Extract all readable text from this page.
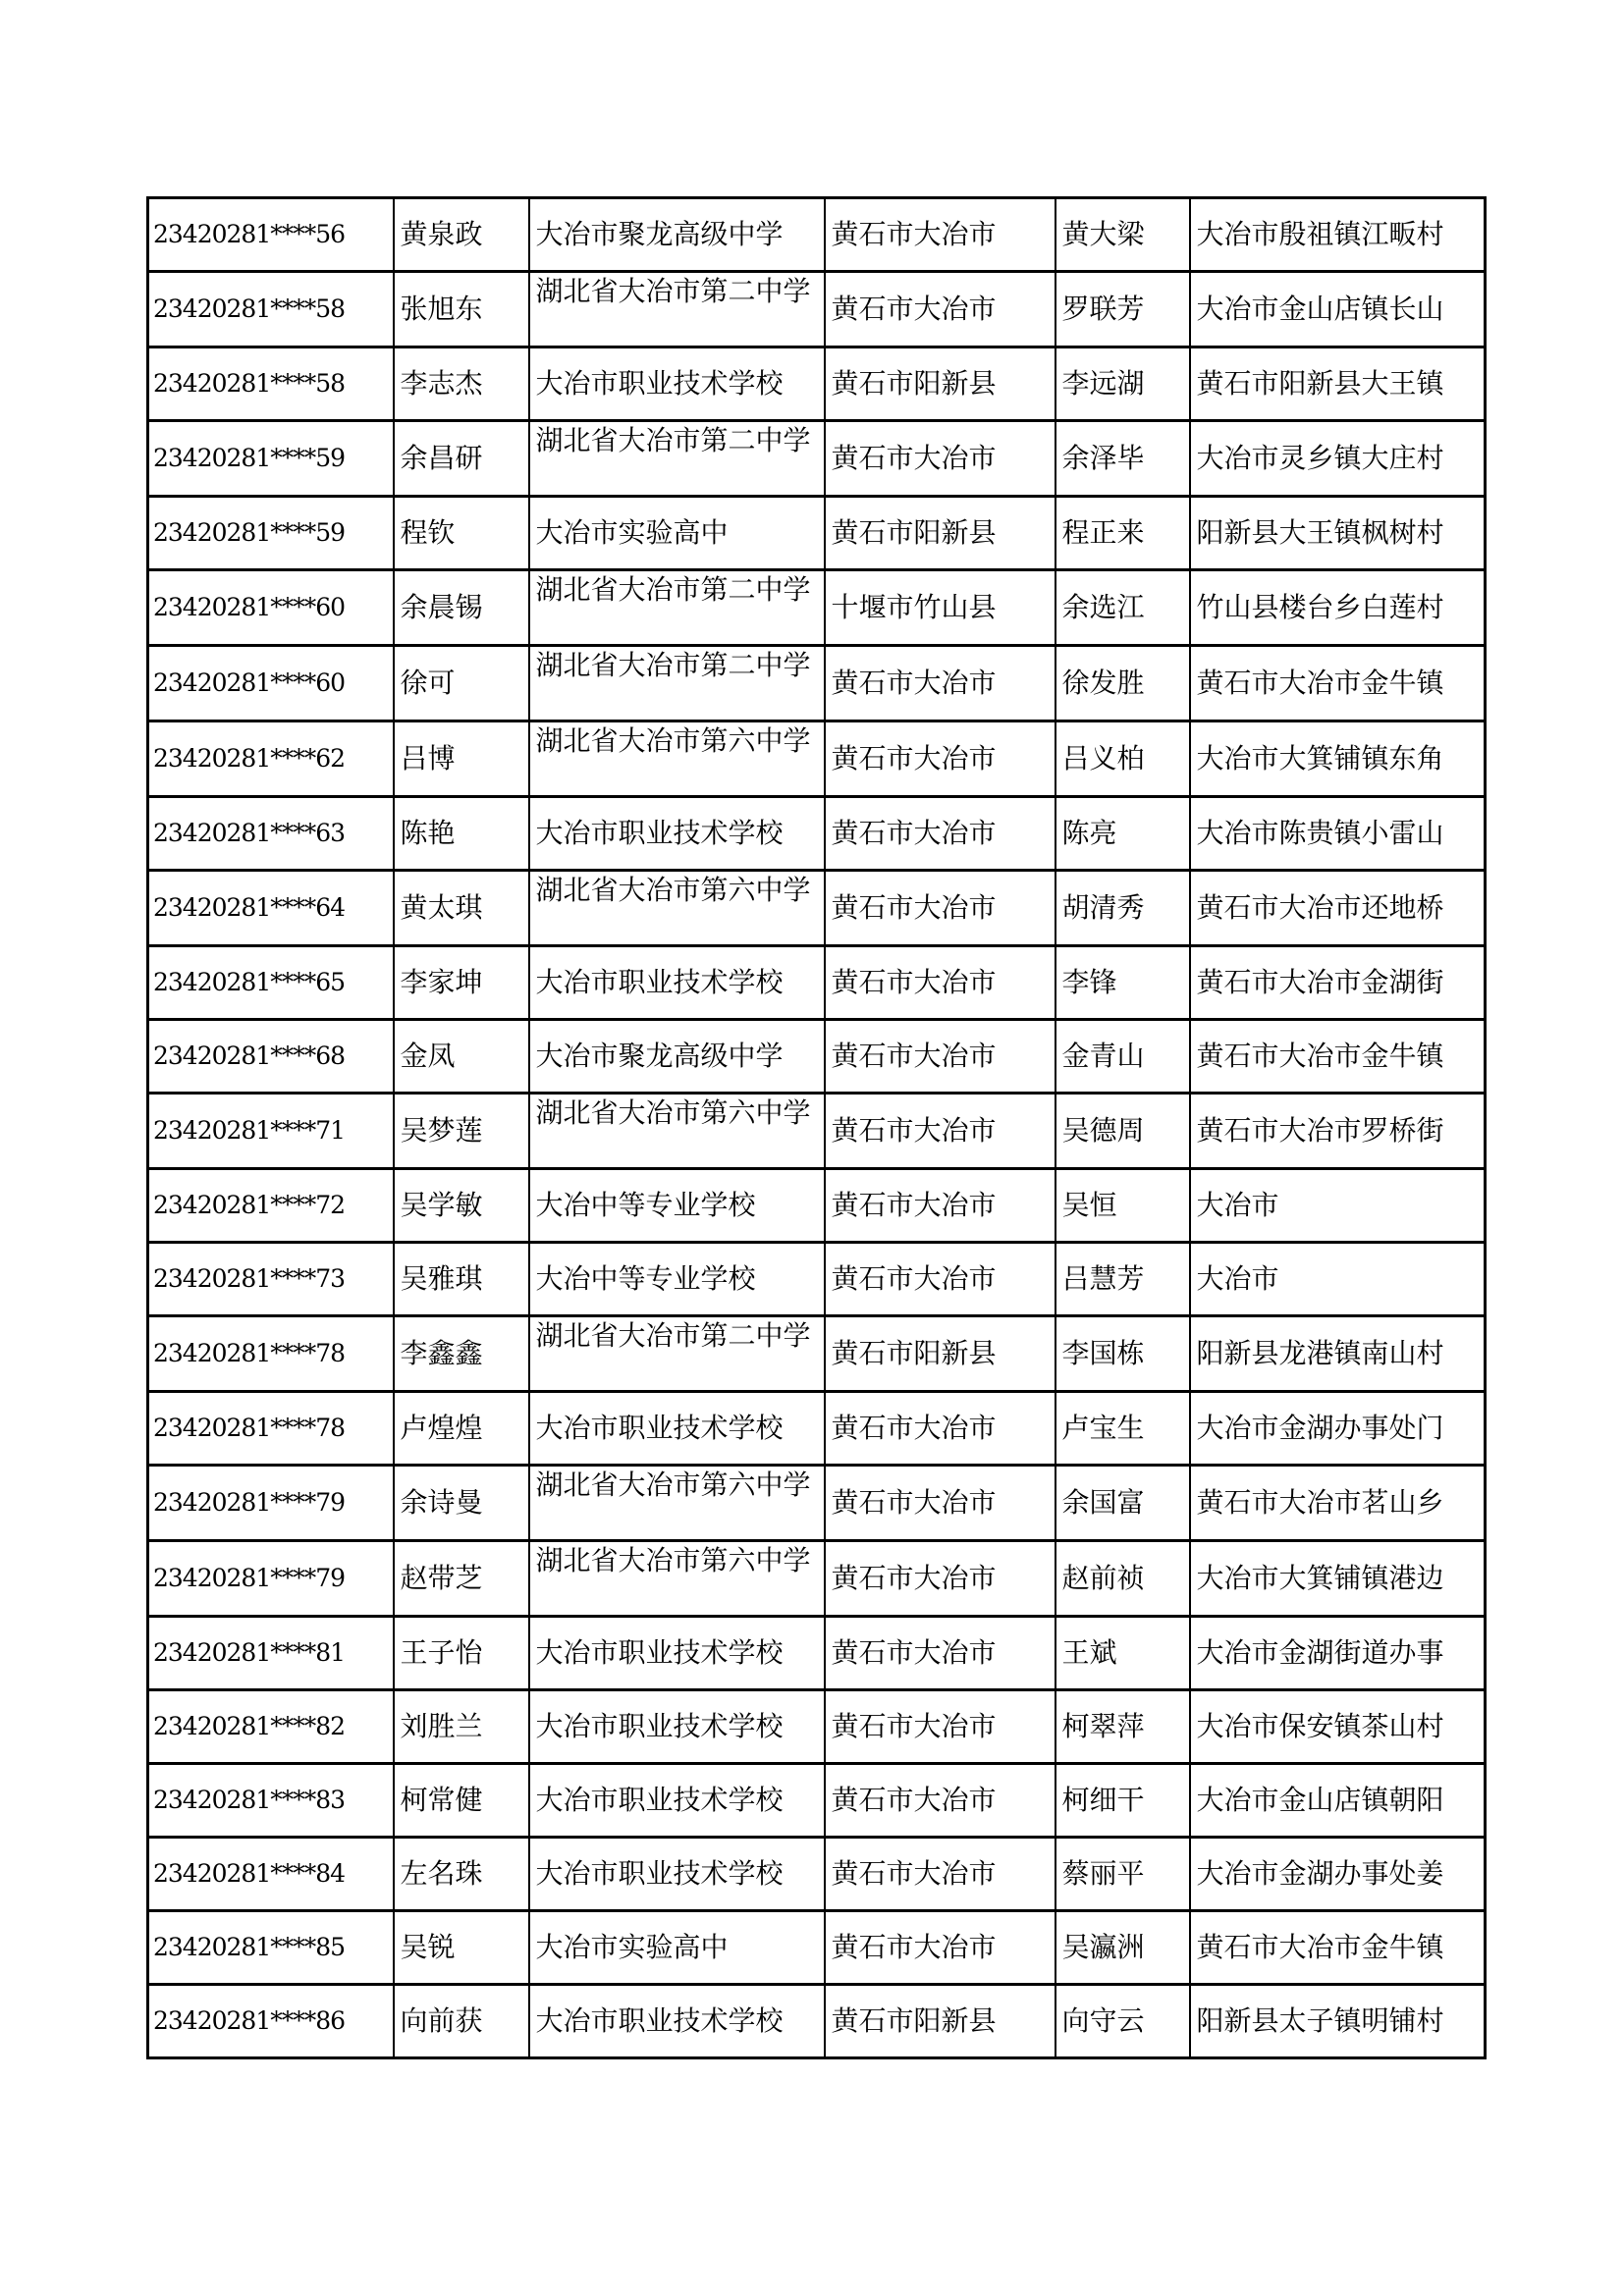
23420281****56	黄泉政	大冶市聚龙高级中学	黄石市大冶市	黄大梁	大冶市殷祖镇江畈村
23420281****58	张旭东	湖北省大冶市第二中学	黄石市大冶市	罗联芳	大冶市金山店镇长山
23420281****58	李志杰	大冶市职业技术学校	黄石市阳新县	李远湖	黄石市阳新县大王镇
23420281****59	余昌研	湖北省大冶市第二中学	黄石市大冶市	余泽毕	大冶市灵乡镇大庄村
23420281****59	程钦	大冶市实验高中	黄石市阳新县	程正来	阳新县大王镇枫树村
23420281****60	余晨锡	湖北省大冶市第二中学	十堰市竹山县	余选江	竹山县楼台乡白莲村
23420281****60	徐可	湖北省大冶市第二中学	黄石市大冶市	徐发胜	黄石市大冶市金牛镇
23420281****62	吕博	湖北省大冶市第六中学	黄石市大冶市	吕义柏	大冶市大箕铺镇东角
23420281****63	陈艳	大冶市职业技术学校	黄石市大冶市	陈亮	大冶市陈贵镇小雷山
23420281****64	黄太琪	湖北省大冶市第六中学	黄石市大冶市	胡清秀	黄石市大冶市还地桥
23420281****65	李家坤	大冶市职业技术学校	黄石市大冶市	李锋	黄石市大冶市金湖街
23420281****68	金凤	大冶市聚龙高级中学	黄石市大冶市	金青山	黄石市大冶市金牛镇
23420281****71	吴梦莲	湖北省大冶市第六中学	黄石市大冶市	吴德周	黄石市大冶市罗桥街
23420281****72	吴学敏	大冶中等专业学校	黄石市大冶市	吴恒	大冶市
23420281****73	吴雅琪	大冶中等专业学校	黄石市大冶市	吕慧芳	大冶市
23420281****78	李鑫鑫	湖北省大冶市第二中学	黄石市阳新县	李国栋	阳新县龙港镇南山村
23420281****78	卢煌煌	大冶市职业技术学校	黄石市大冶市	卢宝生	大冶市金湖办事处门
23420281****79	余诗曼	湖北省大冶市第六中学	黄石市大冶市	余国富	黄石市大冶市茗山乡
23420281****79	赵带芝	湖北省大冶市第六中学	黄石市大冶市	赵前祯	大冶市大箕铺镇港边
23420281****81	王子怡	大冶市职业技术学校	黄石市大冶市	王斌	大冶市金湖街道办事
23420281****82	刘胜兰	大冶市职业技术学校	黄石市大冶市	柯翠萍	大冶市保安镇茶山村
23420281****83	柯常健	大冶市职业技术学校	黄石市大冶市	柯细干	大冶市金山店镇朝阳
23420281****84	左名珠	大冶市职业技术学校	黄石市大冶市	蔡丽平	大冶市金湖办事处姜
23420281****85	吴锐	大冶市实验高中	黄石市大冶市	吴瀛洲	黄石市大冶市金牛镇
23420281****86	向前获	大冶市职业技术学校	黄石市阳新县	向守云	阳新县太子镇明铺村
